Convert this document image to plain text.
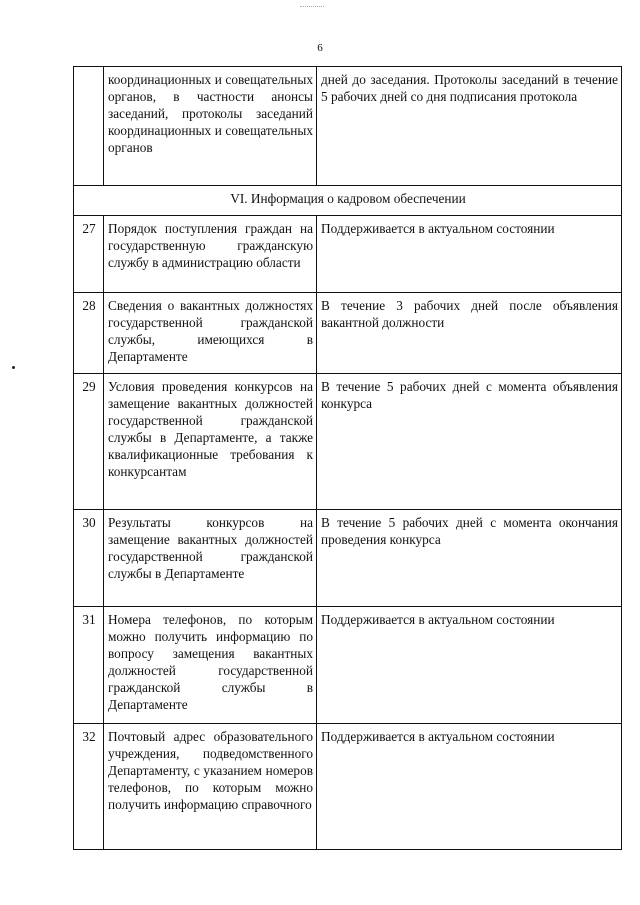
6
	координационных и совещательных органов, в частности анонсы заседаний, протоколы заседаний координационных и совещательных органов	дней до заседания. Протоколы заседаний в течение 5 рабочих дней со дня подписания протокола
VI. Информация о кадровом обеспечении		
27	Порядок поступления граждан на государственную гражданскую службу в администрацию области	Поддерживается в актуальном состоянии
28	Сведения о вакантных должностях государственной гражданской службы, имеющихся в Департаменте	В течение 3 рабочих дней после объявления вакантной должности
29	Условия проведения конкурсов на замещение вакантных должностей государственной гражданской службы в Департаменте, а также квалификационные требования к конкурсантам	В течение 5 рабочих дней с момента объявления конкурса
30	Результаты конкурсов на замещение вакантных должностей государственной гражданской службы в Департаменте	В течение 5 рабочих дней с момента окончания проведения конкурса
31	Номера телефонов, по которым можно получить информацию по вопросу замещения вакантных должностей государственной гражданской службы в Департаменте	Поддерживается в актуальном состоянии
32	Почтовый адрес образовательного учреждения, подведомственного Департаменту, с указанием номеров телефонов, по которым можно получить информацию справочного	Поддерживается в актуальном состоянии
